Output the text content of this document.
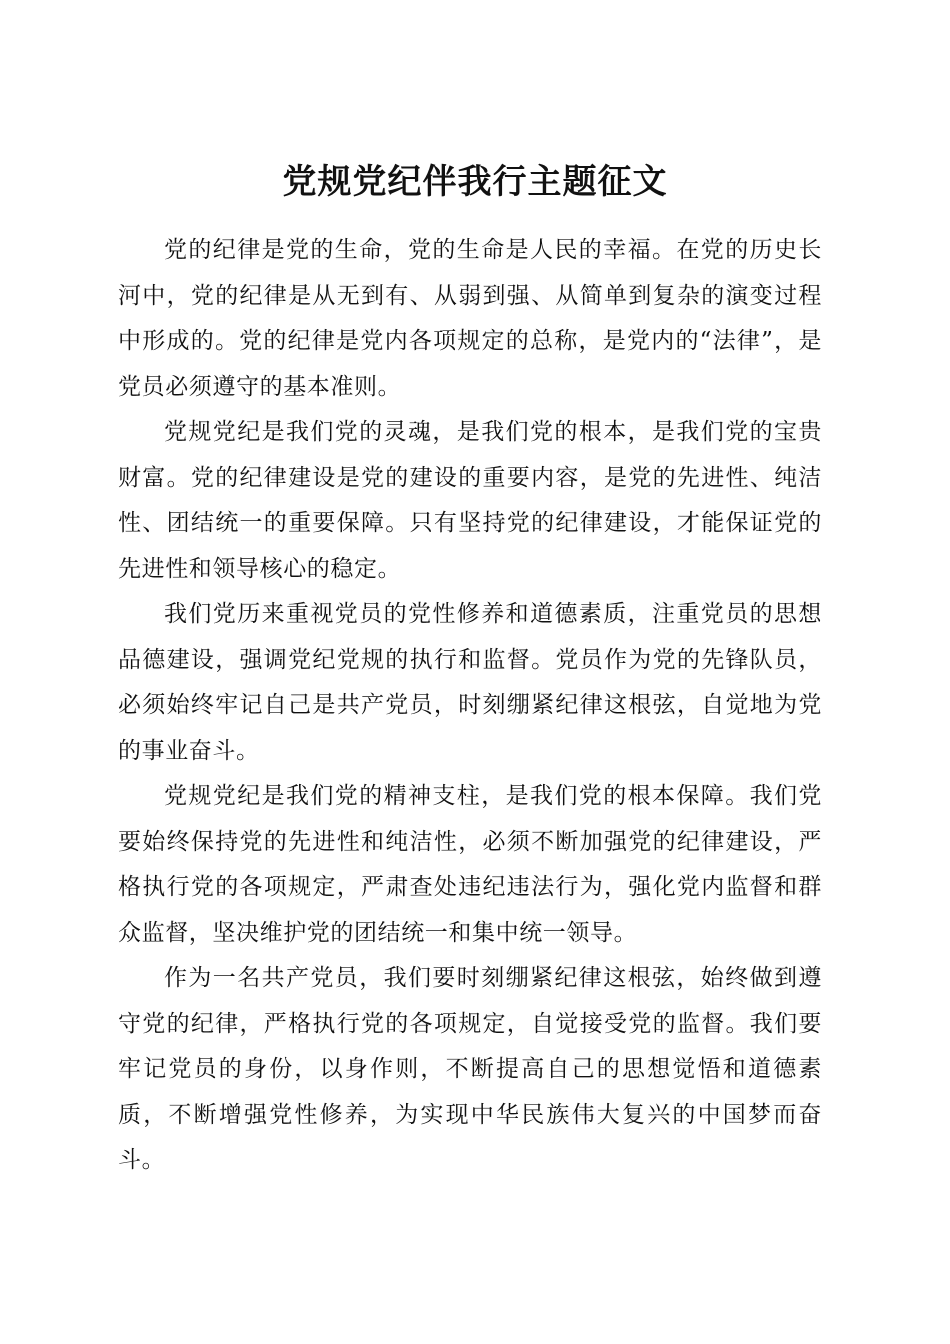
党规党纪伴我行主题征文

党的纪律是党的生命，党的生命是人民的幸福。在党的历史长河中，党的纪律是从无到有、从弱到强、从简单到复杂的演变过程中形成的。党的纪律是党内各项规定的总称，是党内的“法律”，是党员必须遵守的基本准则。

党规党纪是我们党的灵魂，是我们党的根本，是我们党的宝贵财富。党的纪律建设是党的建设的重要内容，是党的先进性、纯洁性、团结统一的重要保障。只有坚持党的纪律建设，才能保证党的先进性和领导核心的稳定。

我们党历来重视党员的党性修养和道德素质，注重党员的思想品德建设，强调党纪党规的执行和监督。党员作为党的先锋队员，必须始终牢记自己是共产党员，时刻绷紧纪律这根弦，自觉地为党的事业奋斗。

党规党纪是我们党的精神支柱，是我们党的根本保障。我们党要始终保持党的先进性和纯洁性，必须不断加强党的纪律建设，严格执行党的各项规定，严肃查处违纪违法行为，强化党内监督和群众监督，坚决维护党的团结统一和集中统一领导。

作为一名共产党员，我们要时刻绷紧纪律这根弦，始终做到遵守党的纪律，严格执行党的各项规定，自觉接受党的监督。我们要牢记党员的身份，以身作则，不断提高自己的思想觉悟和道德素质，不断增强党性修养，为实现中华民族伟大复兴的中国梦而奋斗。
